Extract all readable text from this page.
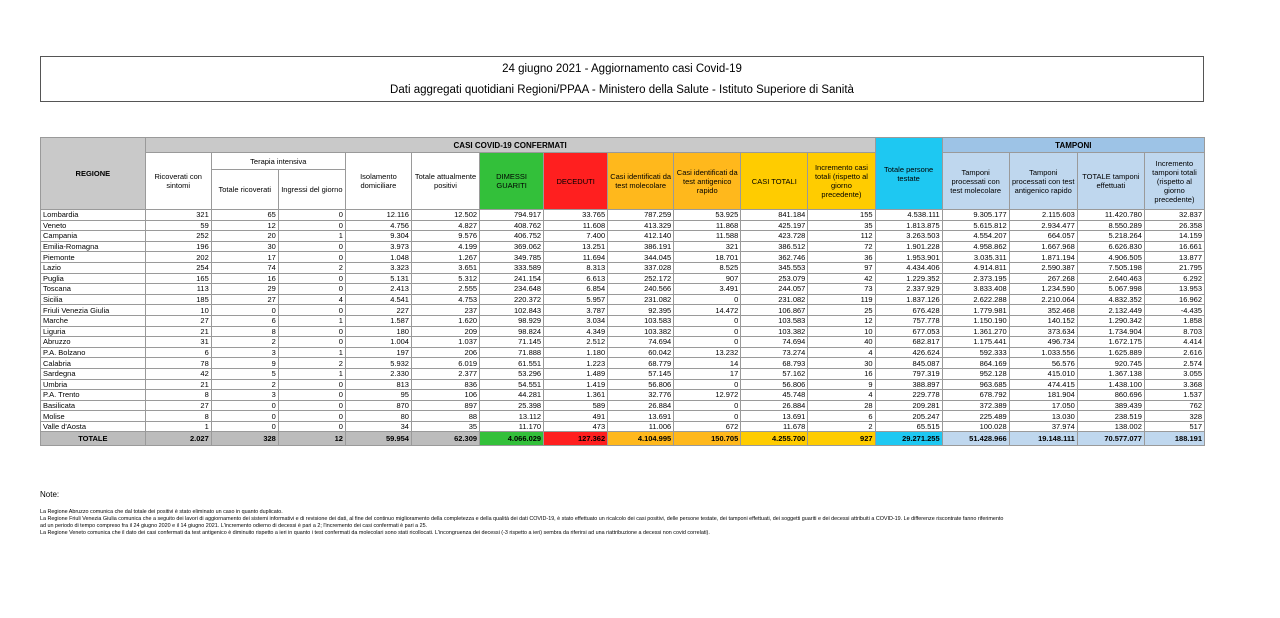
24 giugno 2021 - Aggiornamento casi Covid-19
Dati aggregati quotidiani Regioni/PPAA - Ministero della Salute - Istituto Superiore di Sanità
REGIONE	CASI COVID-19 CONFERMATI											Totale persone testate	TAMPONI			
	Ricoverati con sintomi	Terapia intensiva		Isolamento domiciliare	Totale attualmente positivi	DIMESSI GUARITI	DECEDUTI	Casi identificati da test molecolare	Casi identificati da test antigenico rapido	CASI TOTALI	Incremento casi totali (rispetto al giorno precedente)		Tamponi processati con test molecolare	Tamponi processati con test antigenico rapido	TOTALE tamponi effettuati	Incremento tamponi totali (rispetto al giorno precedente)
		Totale ricoverati	Ingressi del giorno													
Lombardia	321	65	0	12.116	12.502	794.917	33.765	787.259	53.925	841.184	155	4.538.111	9.305.177	2.115.603	11.420.780	32.837
Veneto	59	12	0	4.756	4.827	408.762	11.608	413.329	11.868	425.197	35	1.813.875	5.615.812	2.934.477	8.550.289	26.358
Campania	252	20	1	9.304	9.576	406.752	7.400	412.140	11.588	423.728	112	3.263.503	4.554.207	664.057	5.218.264	14.159
Emilia-Romagna	196	30	0	3.973	4.199	369.062	13.251	386.191	321	386.512	72	1.901.228	4.958.862	1.667.968	6.626.830	16.661
Piemonte	202	17	0	1.048	1.267	349.785	11.694	344.045	18.701	362.746	36	1.953.901	3.035.311	1.871.194	4.906.505	13.877
Lazio	254	74	2	3.323	3.651	333.589	8.313	337.028	8.525	345.553	97	4.434.406	4.914.811	2.590.387	7.505.198	21.795
Puglia	165	16	0	5.131	5.312	241.154	6.613	252.172	907	253.079	42	1.229.352	2.373.195	267.268	2.640.463	6.292
Toscana	113	29	0	2.413	2.555	234.648	6.854	240.566	3.491	244.057	73	2.337.929	3.833.408	1.234.590	5.067.998	13.953
Sicilia	185	27	4	4.541	4.753	220.372	5.957	231.082	0	231.082	119	1.837.126	2.622.288	2.210.064	4.832.352	16.962
Friuli Venezia Giulia	10	0	0	227	237	102.843	3.787	92.395	14.472	106.867	25	676.428	1.779.981	352.468	2.132.449	-4.435
Marche	27	6	1	1.587	1.620	98.929	3.034	103.583	0	103.583	12	757.778	1.150.190	140.152	1.290.342	1.858
Liguria	21	8	0	180	209	98.824	4.349	103.382	0	103.382	10	677.053	1.361.270	373.634	1.734.904	8.703
Abruzzo	31	2	0	1.004	1.037	71.145	2.512	74.694	0	74.694	40	682.817	1.175.441	496.734	1.672.175	4.414
P.A. Bolzano	6	3	1	197	206	71.888	1.180	60.042	13.232	73.274	4	426.624	592.333	1.033.556	1.625.889	2.616
Calabria	78	9	2	5.932	6.019	61.551	1.223	68.779	14	68.793	30	845.087	864.169	56.576	920.745	2.574
Sardegna	42	5	1	2.330	2.377	53.296	1.489	57.145	17	57.162	16	797.319	952.128	415.010	1.367.138	3.055
Umbria	21	2	0	813	836	54.551	1.419	56.806	0	56.806	9	388.897	963.685	474.415	1.438.100	3.368
P.A. Trento	8	3	0	95	106	44.281	1.361	32.776	12.972	45.748	4	229.778	678.792	181.904	860.696	1.537
Basilicata	27	0	0	870	897	25.398	589	26.884	0	26.884	28	209.281	372.389	17.050	389.439	762
Molise	8	0	0	80	88	13.112	491	13.691	0	13.691	6	205.247	225.489	13.030	238.519	328
Valle d'Aosta	1	0	0	34	35	11.170	473	11.006	672	11.678	2	65.515	100.028	37.974	138.002	517
TOTALE	2.027	328	12	59.954	62.309	4.066.029	127.362	4.104.995	150.705	4.255.700	927	29.271.255	51.428.966	19.148.111	70.577.077	188.191
Note:
La Regione Abruzzo comunica che dal totale dei positivi è stato eliminato un caso in quanto duplicato.
La Regione Friuli Venezia Giulia comunica che a seguito dei lavori di aggiornamento dei sistemi informativi e di revisione dei dati, al fine del continuo miglioramento della completezza e della qualità dei dati COVID-19, è stato effettuato un ricalcolo dei casi positivi, delle persone testate, dei tamponi effettuati, dei soggetti guariti e dei decessi attribuiti a COVID-19. Le differenze riscontrate fanno riferimento
ad un periodo di tempo compreso fra il 24 giugno 2020 e il 14 giugno 2021. L'incremento odierno di decessi è pari a 2; l'incremento dei casi confermati è pari a 25.
La Regione Veneto comunica che il dato dei casi confermati da test antigenico è diminuito rispetto a ieri in quanto i test confermati da molecolari sono stati ricollocati. L'incongruenza dei decessi (-3 rispetto a ieri) sembra da riferirsi ad una riattribuzione a decessi non covid correlati).
